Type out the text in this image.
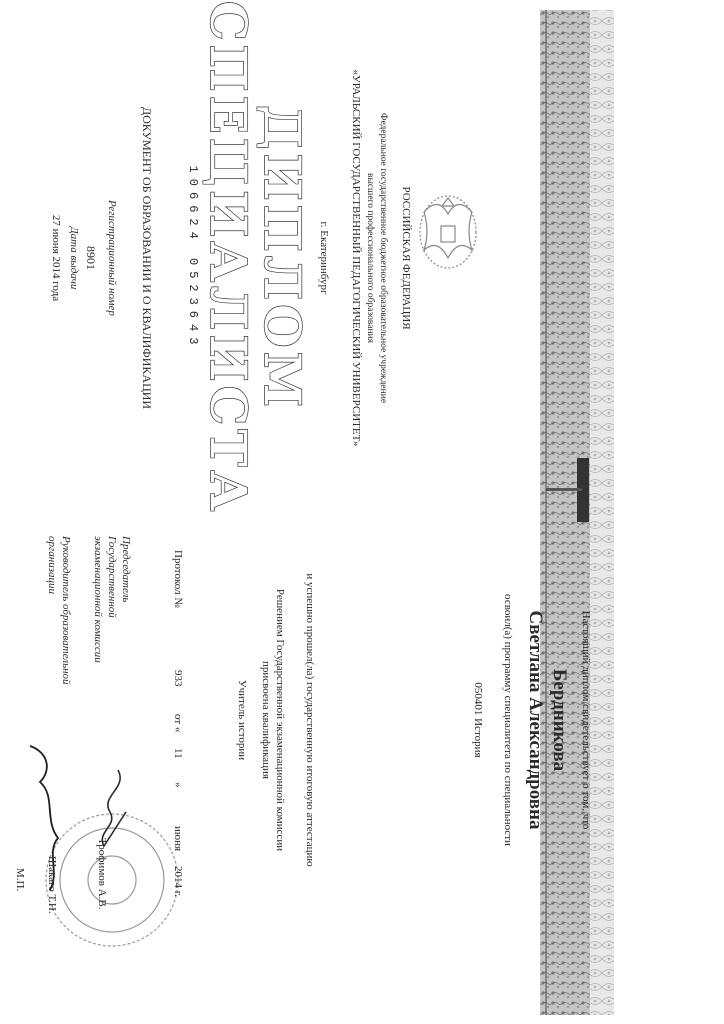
РОССИЙСКАЯ ФЕДЕРАЦИЯ
Федеральное государственное бюджетное образовательное учреждение
высшего профессионального образования
«УРАЛЬСКИЙ ГОСУДАРСТВЕННЫЙ ПЕДАГОГИЧЕСКИЙ УНИВЕРСИТЕТ»
г. Екатеринбург
ДИПЛОМ
СПЕЦИАЛИСТА
106624 0523643
ДОКУМЕНТ ОБ ОБРАЗОВАНИИ И О КВАЛИФИКАЦИИ
Регистрационный номер
8901
Дата выдачи
27 июня 2014 года
Настоящий диплом свидетельствует о том, что
Бердникова
Светлана Александровна
освоил(а) программу специалитета по специальности
050401 История
и успешно прошел(ла) государственную итоговую аттестацию
Решением Государственной экзаменационной комиссии
присвоена квалификация
Учитель истории
Протокол №
933
от «
11
»
июня
2014 г.
Председатель
Государственной
экзаменационной комиссии
Трофимов А.В.
Руководитель образовательной
организации
Шакаго Т.Н.
М.П.
